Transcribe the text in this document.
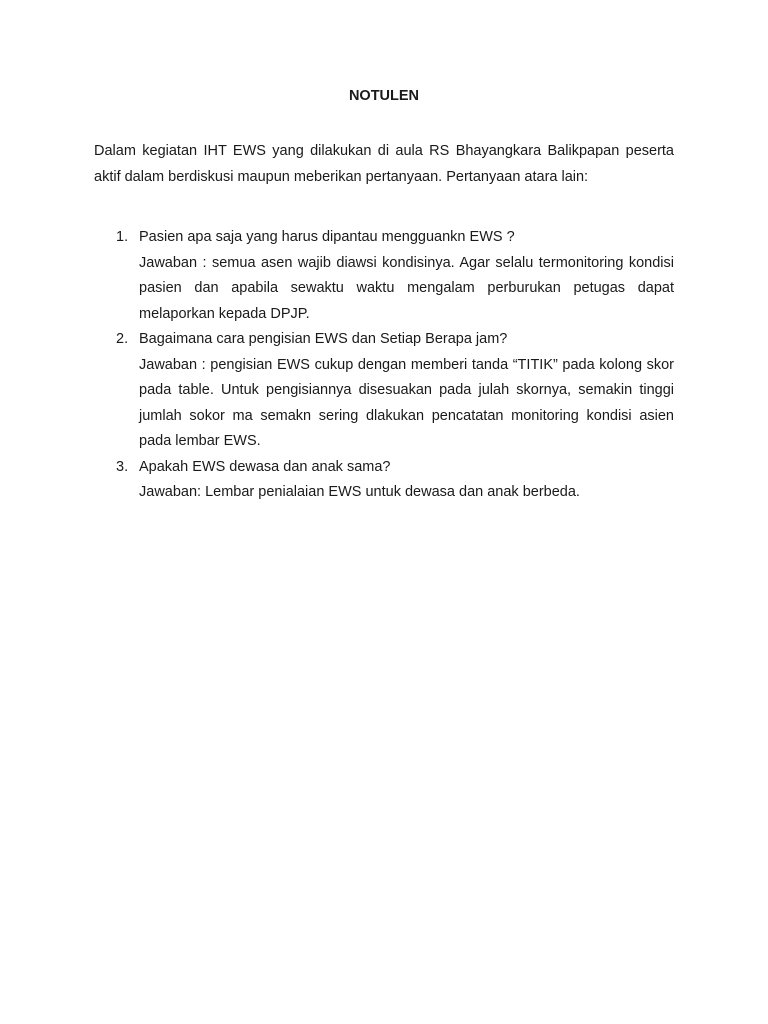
NOTULEN
Dalam kegiatan IHT EWS yang dilakukan di aula RS Bhayangkara Balikpapan peserta aktif dalam berdiskusi maupun meberikan pertanyaan. Pertanyaan atara lain:
1. Pasien apa saja yang harus dipantau mengguankn EWS ?
Jawaban : semua asen wajib diawsi kondisinya. Agar selalu termonitoring kondisi pasien dan apabila sewaktu waktu mengalam perburukan petugas dapat melaporkan kepada DPJP.
2. Bagaimana cara pengisian EWS dan Setiap Berapa jam?
Jawaban : pengisian EWS cukup dengan memberi tanda “TITIK” pada kolong skor pada table. Untuk pengisiannya disesuakan pada julah skornya, semakin tinggi jumlah sokor ma semakn sering dlakukan pencatatan monitoring kondisi asien pada lembar EWS.
3. Apakah EWS dewasa dan anak sama?
Jawaban: Lembar penialaian EWS untuk dewasa dan anak berbeda.
